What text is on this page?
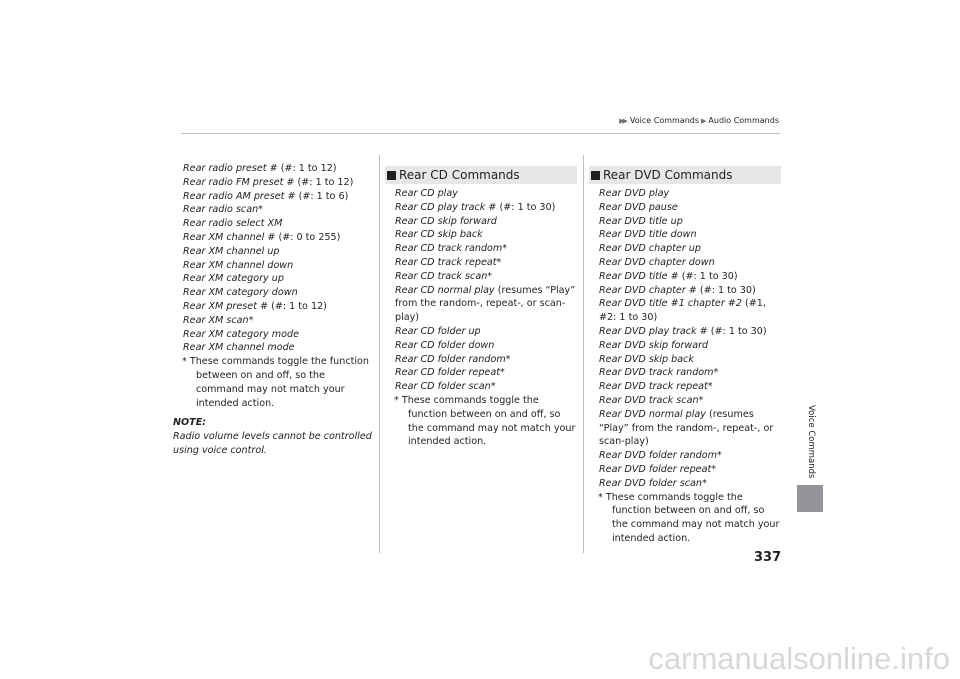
▶▶ Voice Commands ▶ Audio Commands
Rear radio preset # (#: 1 to 12)
Rear radio FM preset # (#: 1 to 12)
Rear radio AM preset # (#: 1 to 6)
Rear radio scan*
Rear radio select XM
Rear XM channel # (#: 0 to 255)
Rear XM channel up
Rear XM channel down
Rear XM category up
Rear XM category down
Rear XM preset # (#: 1 to 12)
Rear XM scan*
Rear XM category mode
Rear XM channel mode
* These commands toggle the function between on and off, so the command may not match your intended action.
NOTE:
Radio volume levels cannot be controlled using voice control.
Rear CD Commands
Rear CD play
Rear CD play track # (#: 1 to 30)
Rear CD skip forward
Rear CD skip back
Rear CD track random*
Rear CD track repeat*
Rear CD track scan*
Rear CD normal play (resumes “Play” from the random-, repeat-, or scan-play)
Rear CD folder up
Rear CD folder down
Rear CD folder random*
Rear CD folder repeat*
Rear CD folder scan*
* These commands toggle the function between on and off, so the command may not match your intended action.
Rear DVD Commands
Rear DVD play
Rear DVD pause
Rear DVD title up
Rear DVD title down
Rear DVD chapter up
Rear DVD chapter down
Rear DVD title # (#: 1 to 30)
Rear DVD chapter # (#: 1 to 30)
Rear DVD title #1 chapter #2 (#1, #2: 1 to 30)
Rear DVD play track # (#: 1 to 30)
Rear DVD skip forward
Rear DVD skip back
Rear DVD track random*
Rear DVD track repeat*
Rear DVD track scan*
Rear DVD normal play (resumes “Play” from the random-, repeat-, or scan-play)
Rear DVD folder random*
Rear DVD folder repeat*
Rear DVD folder scan*
* These commands toggle the function between on and off, so the command may not match your intended action.
Voice Commands
337
carmanualsonline.info
